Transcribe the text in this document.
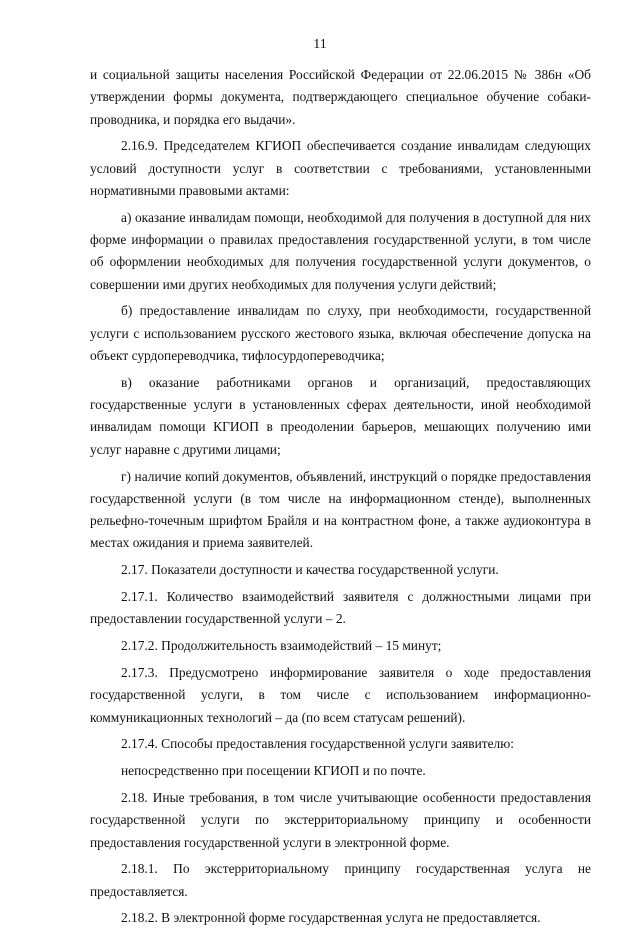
11

и социальной защиты населения Российской Федерации от 22.06.2015 № 386н «Об утверждении формы документа, подтверждающего специальное обучение собаки-проводника, и порядка его выдачи».

2.16.9. Председателем КГИОП обеспечивается создание инвалидам следующих условий доступности услуг в соответствии с требованиями, установленными нормативными правовыми актами:

а) оказание инвалидам помощи, необходимой для получения в доступной для них форме информации о правилах предоставления государственной услуги, в том числе об оформлении необходимых для получения государственной услуги документов, о совершении ими других необходимых для получения услуги действий;

б) предоставление инвалидам по слуху, при необходимости, государственной услуги с использованием русского жестового языка, включая обеспечение допуска на объект сурдопереводчика, тифлосурдопереводчика;

в) оказание работниками органов и организаций, предоставляющих государственные услуги в установленных сферах деятельности, иной необходимой инвалидам помощи КГИОП в преодолении барьеров, мешающих получению ими услуг наравне с другими лицами;

г) наличие копий документов, объявлений, инструкций о порядке предоставления государственной услуги (в том числе на информационном стенде), выполненных рельефно-точечным шрифтом Брайля и на контрастном фоне, а также аудиоконтура в местах ожидания и приема заявителей.

2.17. Показатели доступности и качества государственной услуги.

2.17.1. Количество взаимодействий заявителя с должностными лицами при предоставлении государственной услуги – 2.

2.17.2. Продолжительность взаимодействий – 15 минут;

2.17.3. Предусмотрено информирование заявителя о ходе предоставления государственной услуги, в том числе с использованием информационно-коммуникационных технологий – да (по всем статусам решений).

2.17.4. Способы предоставления государственной услуги заявителю:

непосредственно при посещении КГИОП и по почте.

2.18. Иные требования, в том числе учитывающие особенности предоставления государственной услуги по экстерриториальному принципу и особенности предоставления государственной услуги в электронной форме.

2.18.1. По экстерриториальному принципу государственная услуга не предоставляется.

2.18.2. В электронной форме государственная услуга не предоставляется.
